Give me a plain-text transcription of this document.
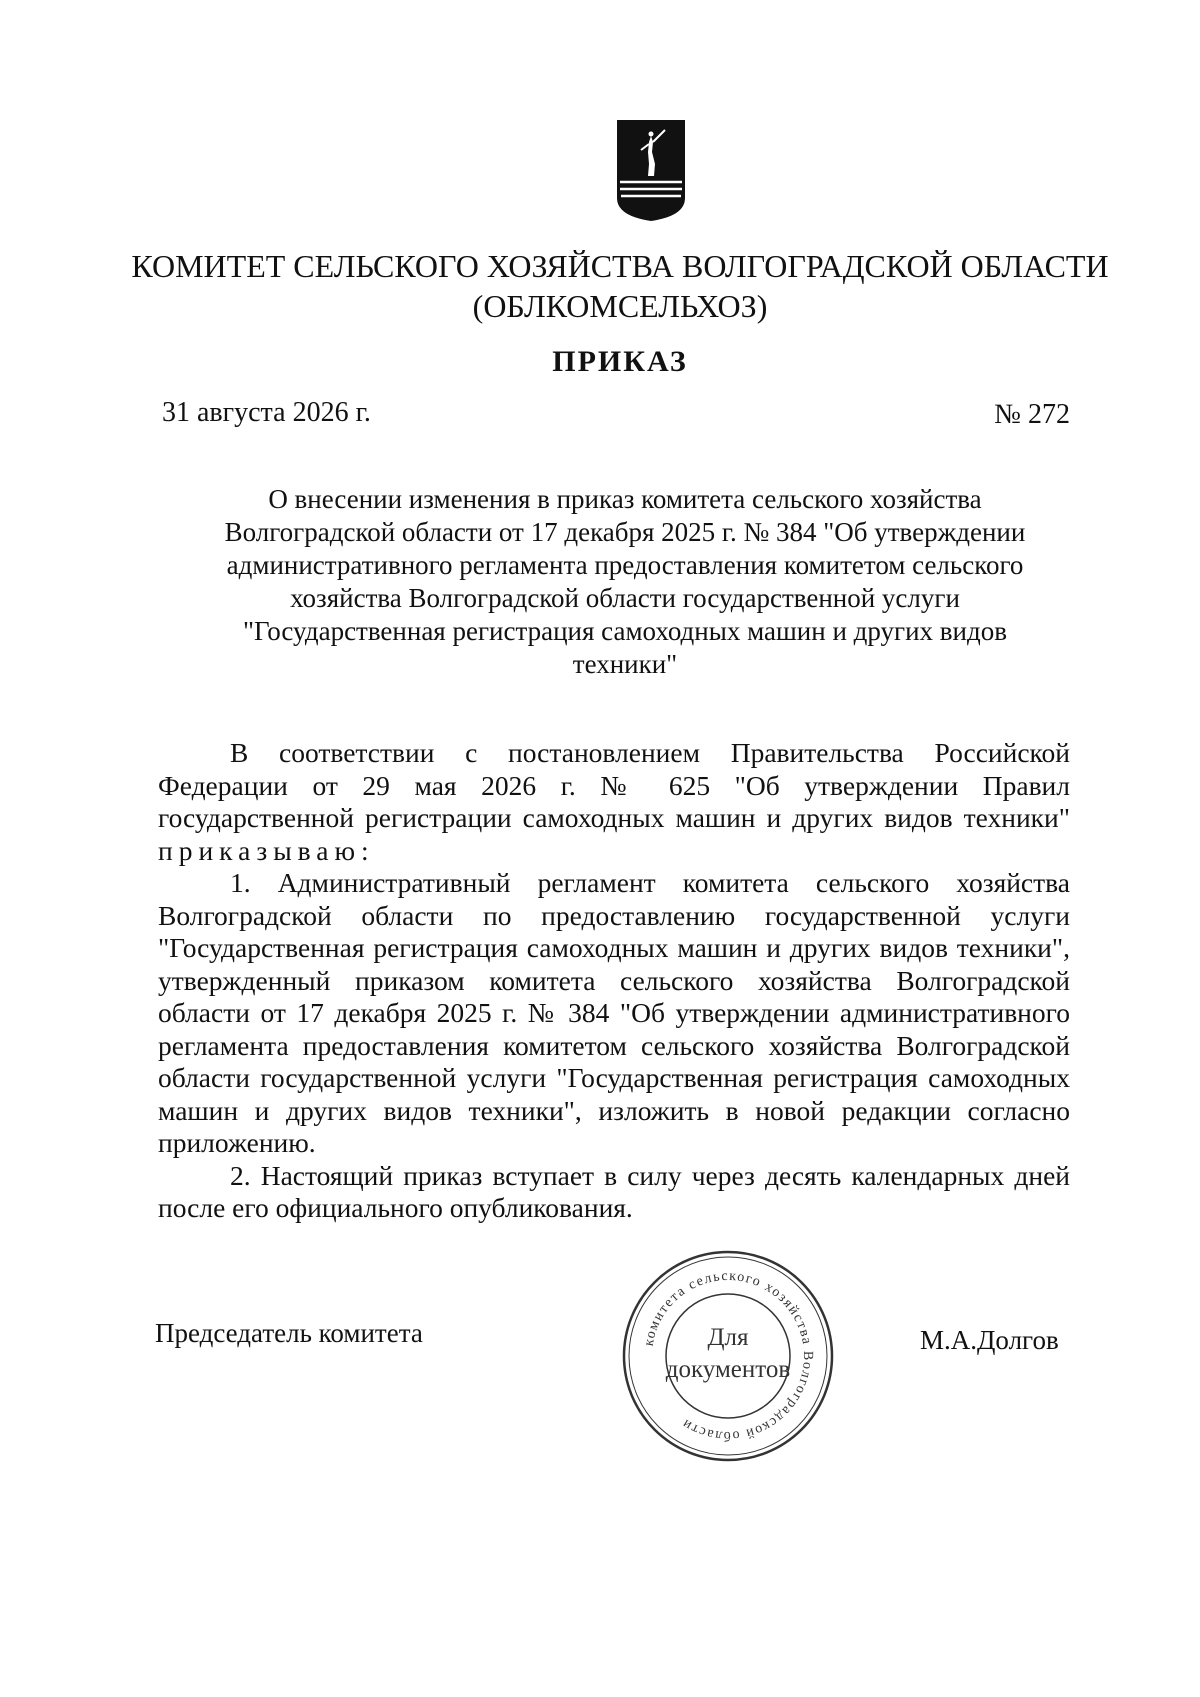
КОМИТЕТ СЕЛЬСКОГО ХОЗЯЙСТВА ВОЛГОГРАДСКОЙ ОБЛАСТИ
(ОБЛКОМСЕЛЬХОЗ)
ПРИКАЗ
31 августа 2026 г.	№ 272
О внесении изменения в приказ комитета сельского хозяйства
Волгоградской области от 17 декабря 2025 г. № 384 "Об утверждении
административного регламента предоставления комитетом сельского
хозяйства Волгоградской области государственной услуги
"Государственная регистрация самоходных машин и других видов
техники"

В соответствии с постановлением Правительства Российской Федерации от 29 мая 2026 г. № 625 "Об утверждении Правил государственной регистрации самоходных машин и других видов техники" приказываю:

1. Административный регламент комитета сельского хозяйства Волгоградской области по предоставлению государственной услуги "Государственная регистрация самоходных машин и других видов техники", утвержденный приказом комитета сельского хозяйства Волгоградской области от 17 декабря 2025 г. № 384 "Об утверждении административного регламента предоставления комитетом сельского хозяйства Волгоградской области государственной услуги "Государственная регистрация самоходных машин и других видов техники", изложить в новой редакции согласно приложению.

2. Настоящий приказ вступает в силу через десять календарных дней после его официального опубликования.

Председатель комитета	комитета сельского хозяйства Волгоградской области
Для
документов
М.А.Долгов
